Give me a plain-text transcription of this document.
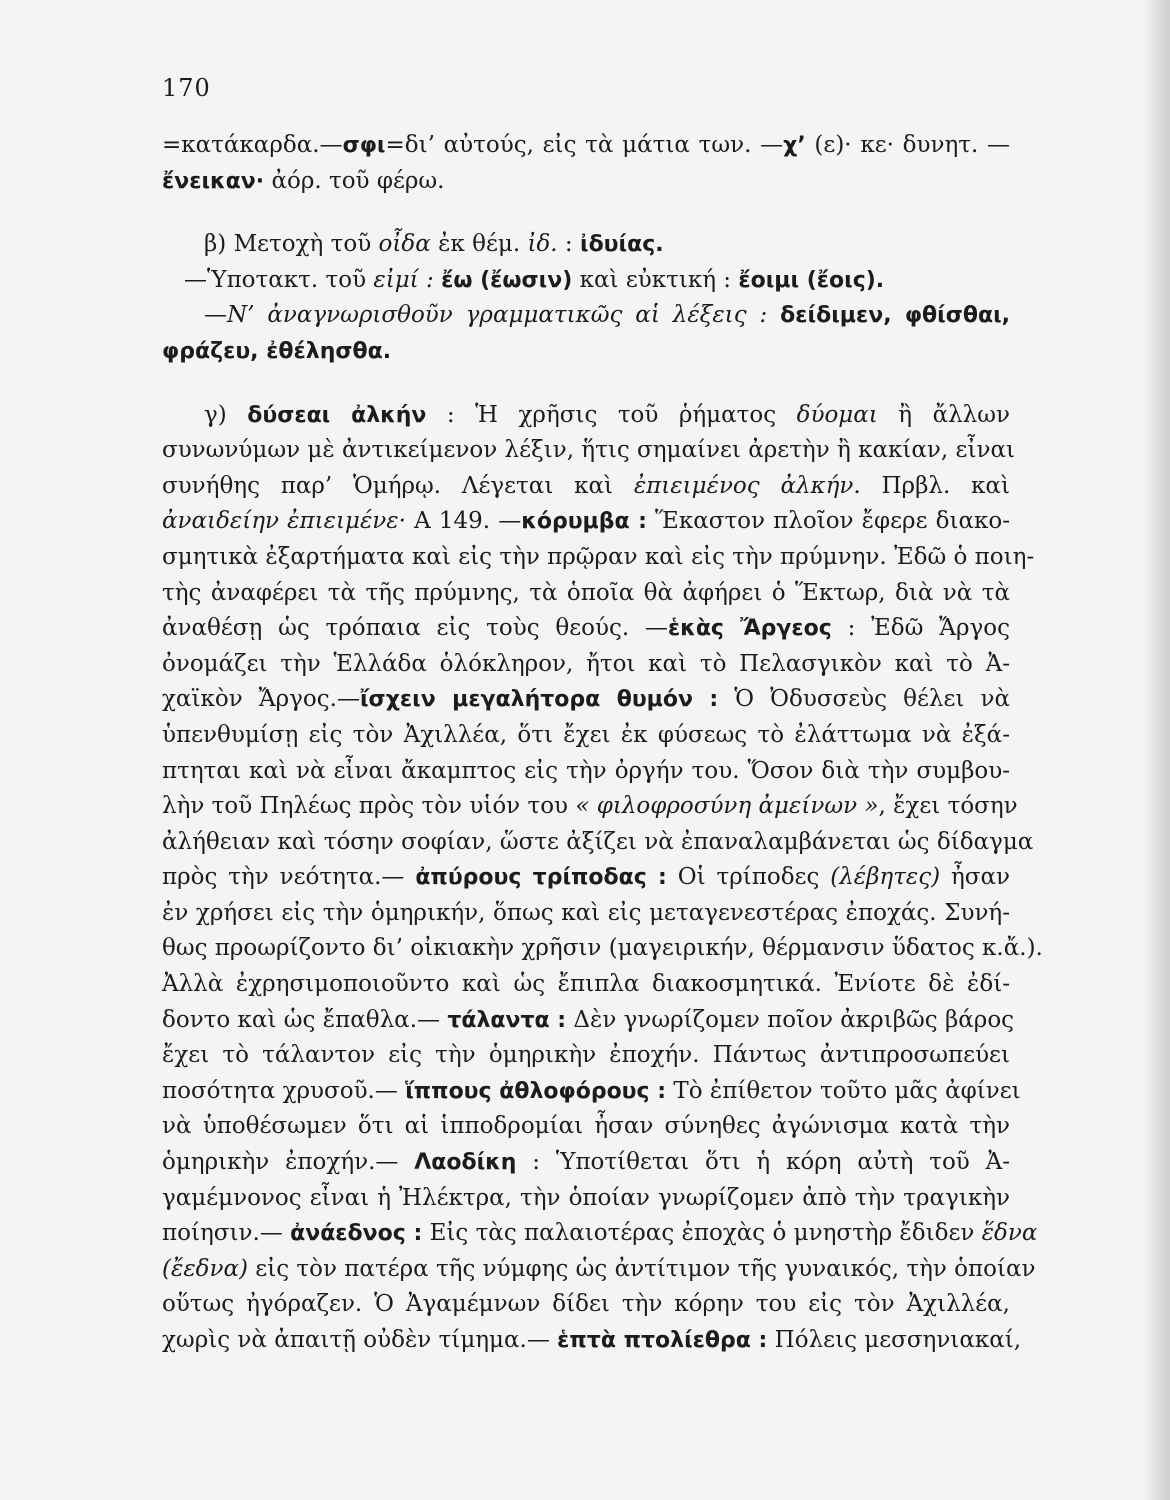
170
=κατάκαρδα.—σφι=δι’ αὐτούς, εἰς τὰ μάτια των. —χ’ (ε)· κε· δυνητ. —
ἔνεικαν· ἀόρ. τοῦ φέρω.
β) Μετοχὴ τοῦ οἶδα ἐκ θέμ. ἰδ. : ἰδυίας.
—Ὑποτακτ. τοῦ εἰμί : ἔω (ἔωσιν) καὶ εὐκτική : ἔοιμι (ἔοις).
—Ν’ ἀναγνωρισθοῦν γραμματικῶς αἱ λέξεις : δείδιμεν, φθίσθαι,
φράζευ, ἐθέλησθα.
γ) δύσεαι ἀλκήν : Ἡ χρῆσις τοῦ ῥήματος δύομαι ἢ ἄλλων
συνωνύμων μὲ ἀντικείμενον λέξιν, ἥτις σημαίνει ἀρετὴν ἢ κακίαν, εἶναι
συνήθης παρ’ Ὁμήρῳ. Λέγεται καὶ ἐπιειμένος ἀλκήν. Πρβλ. καὶ
ἀναιδείην ἐπιειμένε· Α 149. —κόρυμβα : Ἕκαστον πλοῖον ἔφερε διακο-
σμητικὰ ἐξαρτήματα καὶ εἰς τὴν πρῷραν καὶ εἰς τὴν πρύμνην. Ἐδῶ ὁ ποιη-
τὴς ἀναφέρει τὰ τῆς πρύμνης, τὰ ὁποῖα θὰ ἀφήρει ὁ Ἕκτωρ, διὰ νὰ τὰ
ἀναθέσῃ ὡς τρόπαια εἰς τοὺς θεούς. —ἑκὰς Ἄργεος : Ἐδῶ Ἄργος
ὀνομάζει τὴν Ἑλλάδα ὁλόκληρον, ἤτοι καὶ τὸ Πελασγικὸν καὶ τὸ Ἀ-
χαϊκὸν Ἄργος.—ἴσχειν μεγαλήτορα θυμόν : Ὁ Ὀδυσσεὺς θέλει νὰ
ὑπενθυμίσῃ εἰς τὸν Ἀχιλλέα, ὅτι ἔχει ἐκ φύσεως τὸ ἐλάττωμα νὰ ἐξά-
πτηται καὶ νὰ εἶναι ἄκαμπτος εἰς τὴν ὀργήν του. Ὅσον διὰ τὴν συμβου-
λὴν τοῦ Πηλέως πρὸς τὸν υἱόν του « φιλοφροσύνη ἀμείνων », ἔχει τόσην
ἀλήθειαν καὶ τόσην σοφίαν, ὥστε ἀξίζει νὰ ἐπαναλαμβάνεται ὡς δίδαγμα
πρὸς τὴν νεότητα.— ἀπύρους τρίποδας : Οἱ τρίποδες (λέβητες) ἦσαν
ἐν χρήσει εἰς τὴν ὁμηρικήν, ὅπως καὶ εἰς μεταγενεστέρας ἐποχάς. Συνή-
θως προωρίζοντο δι’ οἰκιακὴν χρῆσιν (μαγειρικήν, θέρμανσιν ὕδατος κ.ἄ.).
Ἀλλὰ ἐχρησιμοποιοῦντο καὶ ὡς ἔπιπλα διακοσμητικά. Ἐνίοτε δὲ ἐδί-
δοντο καὶ ὡς ἔπαθλα.— τάλαντα : Δὲν γνωρίζομεν ποῖον ἀκριβῶς βάρος
ἔχει τὸ τάλαντον εἰς τὴν ὁμηρικὴν ἐποχήν. Πάντως ἀντιπροσωπεύει
ποσότητα χρυσοῦ.— ἵππους ἀθλοφόρους : Τὸ ἐπίθετον τοῦτο μᾶς ἀφίνει
νὰ ὑποθέσωμεν ὅτι αἱ ἱπποδρομίαι ἦσαν σύνηθες ἀγώνισμα κατὰ τὴν
ὁμηρικὴν ἐποχήν.— Λαοδίκη : Ὑποτίθεται ὅτι ἡ κόρη αὐτὴ τοῦ Ἀ-
γαμέμνονος εἶναι ἡ Ἠλέκτρα, τὴν ὁποίαν γνωρίζομεν ἀπὸ τὴν τραγικὴν
ποίησιν.— ἀνάεδνος : Εἰς τὰς παλαιοτέρας ἐποχὰς ὁ μνηστὴρ ἔδιδεν ἕδνα
(ἔεδνα) εἰς τὸν πατέρα τῆς νύμφης ὡς ἀντίτιμον τῆς γυναικός, τὴν ὁποίαν
οὕτως ἠγόραζεν. Ὁ Ἀγαμέμνων δίδει τὴν κόρην του εἰς τὸν Ἀχιλλέα,
χωρὶς νὰ ἀπαιτῇ οὐδὲν τίμημα.— ἑπτὰ πτολίεθρα : Πόλεις μεσσηνιακαί,
